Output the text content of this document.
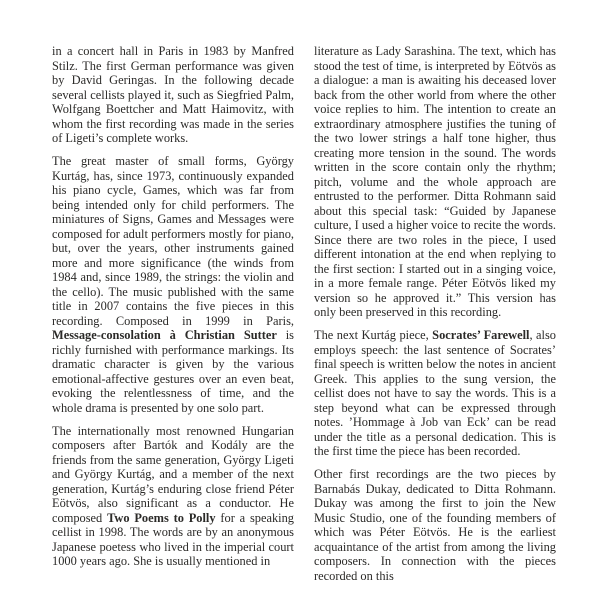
in a concert hall in Paris in 1983 by Manfred Stilz. The first German performance was given by David Geringas. In the following decade several cellists played it, such as Siegfried Palm, Wolfgang Boettcher and Matt Haimovitz, with whom the first recording was made in the series of Ligeti’s complete works.

The great master of small forms, György Kurtág, has, since 1973, continuously expanded his piano cycle, Games, which was far from being intended only for child performers. The miniatures of Signs, Games and Messages were composed for adult performers mostly for piano, but, over the years, other instruments gained more and more significance (the winds from 1984 and, since 1989, the strings: the violin and the cello). The music published with the same title in 2007 contains the five pieces in this recording. Composed in 1999 in Paris, Message-consolation à Christian Sutter is richly furnished with performance markings. Its dramatic character is given by the various emotional-affective gestures over an even beat, evoking the relentlessness of time, and the whole drama is presented by one solo part.

The internationally most renowned Hungarian composers after Bartók and Kodály are the friends from the same generation, György Ligeti and György Kurtág, and a member of the next generation, Kurtág’s enduring close friend Péter Eötvös, also significant as a conductor. He composed Two Poems to Polly for a speaking cellist in 1998. The words are by an anonymous Japanese poetess who lived in the imperial court 1000 years ago. She is usually mentioned in

literature as Lady Sarashina. The text, which has stood the test of time, is interpreted by Eötvös as a dialogue: a man is awaiting his deceased lover back from the other world from where the other voice replies to him. The intention to create an extraordinary atmosphere justifies the tuning of the two lower strings a half tone higher, thus creating more tension in the sound. The words written in the score contain only the rhythm; pitch, volume and the whole approach are entrusted to the performer. Ditta Rohmann said about this special task: “Guided by Japanese culture, I used a higher voice to recite the words. Since there are two roles in the piece, I used different intonation at the end when replying to the first section: I started out in a singing voice, in a more female range. Péter Eötvös liked my version so he approved it.” This version has only been preserved in this recording.

The next Kurtág piece, Socrates’ Farewell, also employs speech: the last sentence of Socrates’ final speech is written below the notes in ancient Greek. This applies to the sung version, the cellist does not have to say the words. This is a step beyond what can be expressed through notes. ’Hommage à Job van Eck’ can be read under the title as a personal dedication. This is the first time the piece has been recorded.

Other first recordings are the two pieces by Barnabás Dukay, dedicated to Ditta Rohmann. Dukay was among the first to join the New Music Studio, one of the founding members of which was Péter Eötvös. He is the earliest acquaintance of the artist from among the living composers. In connection with the pieces recorded on this
